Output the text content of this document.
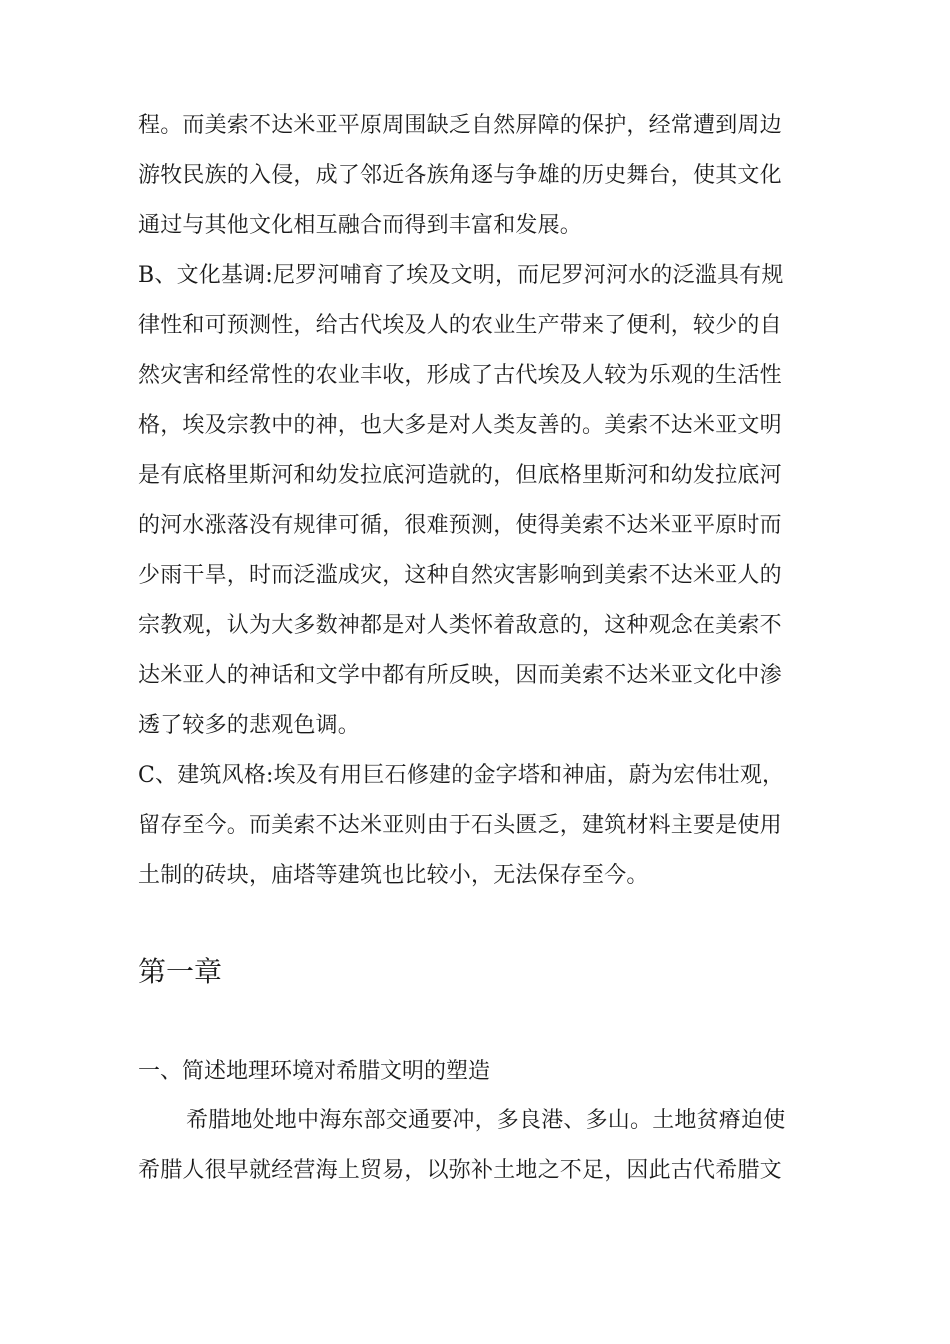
程。而美索不达米亚平原周围缺乏自然屏障的保护，经常遭到周边
游牧民族的入侵，成了邻近各族角逐与争雄的历史舞台，使其文化
通过与其他文化相互融合而得到丰富和发展。
B、文化基调:尼罗河哺育了埃及文明，而尼罗河河水的泛滥具有规
律性和可预测性，给古代埃及人的农业生产带来了便利，较少的自
然灾害和经常性的农业丰收，形成了古代埃及人较为乐观的生活性
格，埃及宗教中的神，也大多是对人类友善的。美索不达米亚文明
是有底格里斯河和幼发拉底河造就的，但底格里斯河和幼发拉底河
的河水涨落没有规律可循，很难预测，使得美索不达米亚平原时而
少雨干旱，时而泛滥成灾，这种自然灾害影响到美索不达米亚人的
宗教观，认为大多数神都是对人类怀着敌意的，这种观念在美索不
达米亚人的神话和文学中都有所反映，因而美索不达米亚文化中渗
透了较多的悲观色调。
C、建筑风格:埃及有用巨石修建的金字塔和神庙，蔚为宏伟壮观，
留存至今。而美索不达米亚则由于石头匮乏，建筑材料主要是使用
土制的砖块，庙塔等建筑也比较小，无法保存至今。
第一章
一、简述地理环境对希腊文明的塑造
希腊地处地中海东部交通要冲，多良港、多山。土地贫瘠迫使
希腊人很早就经营海上贸易，以弥补土地之不足，因此古代希腊文
